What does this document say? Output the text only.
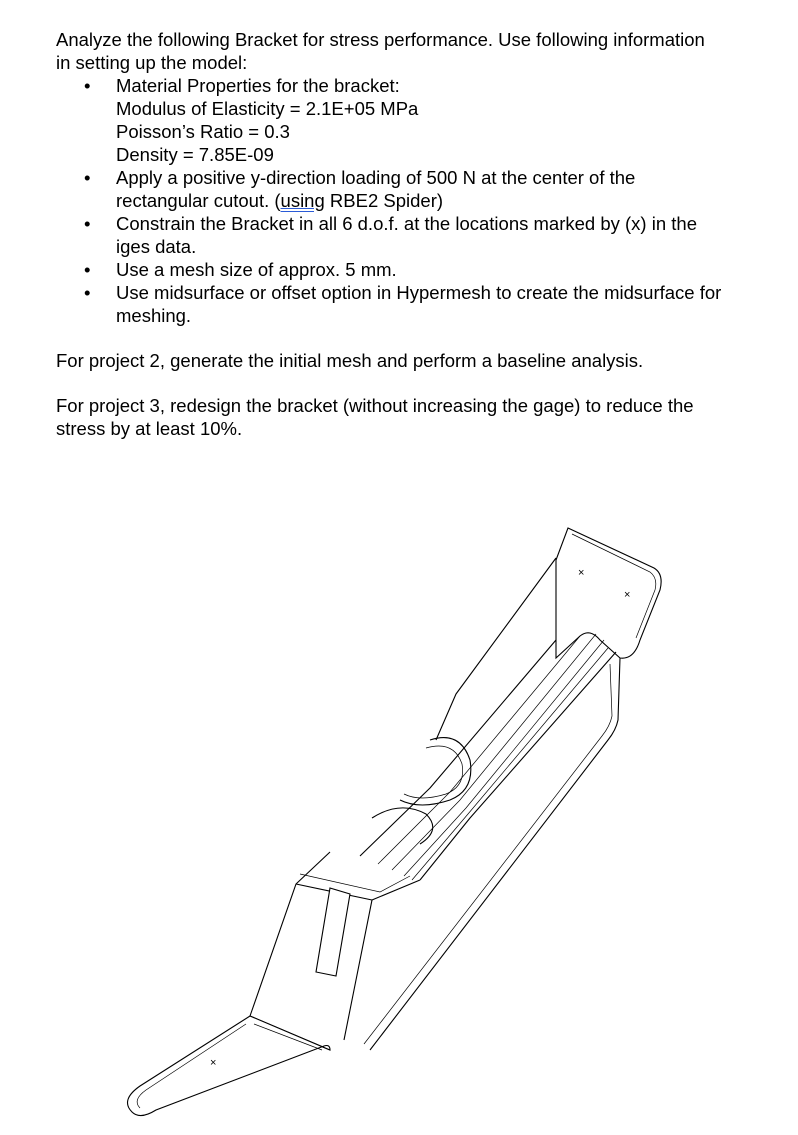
Analyze the following Bracket for stress performance. Use following information
in setting up the model:

• Material Properties for the bracket:
Modulus of Elasticity = 2.1E+05 MPa
Poisson’s Ratio = 0.3
Density = 7.85E-09
• Apply a positive y-direction loading of 500 N at the center of the
rectangular cutout. (using RBE2 Spider)
• Constrain the Bracket in all 6 d.o.f. at the locations marked by (x) in the
iges data.
• Use a mesh size of approx. 5 mm.
• Use midsurface or offset option in Hypermesh to create the midsurface for
meshing.

For project 2, generate the initial mesh and perform a baseline analysis.

For project 3, redesign the bracket (without increasing the gage) to reduce the
stress by at least 10%.

×
×
×
